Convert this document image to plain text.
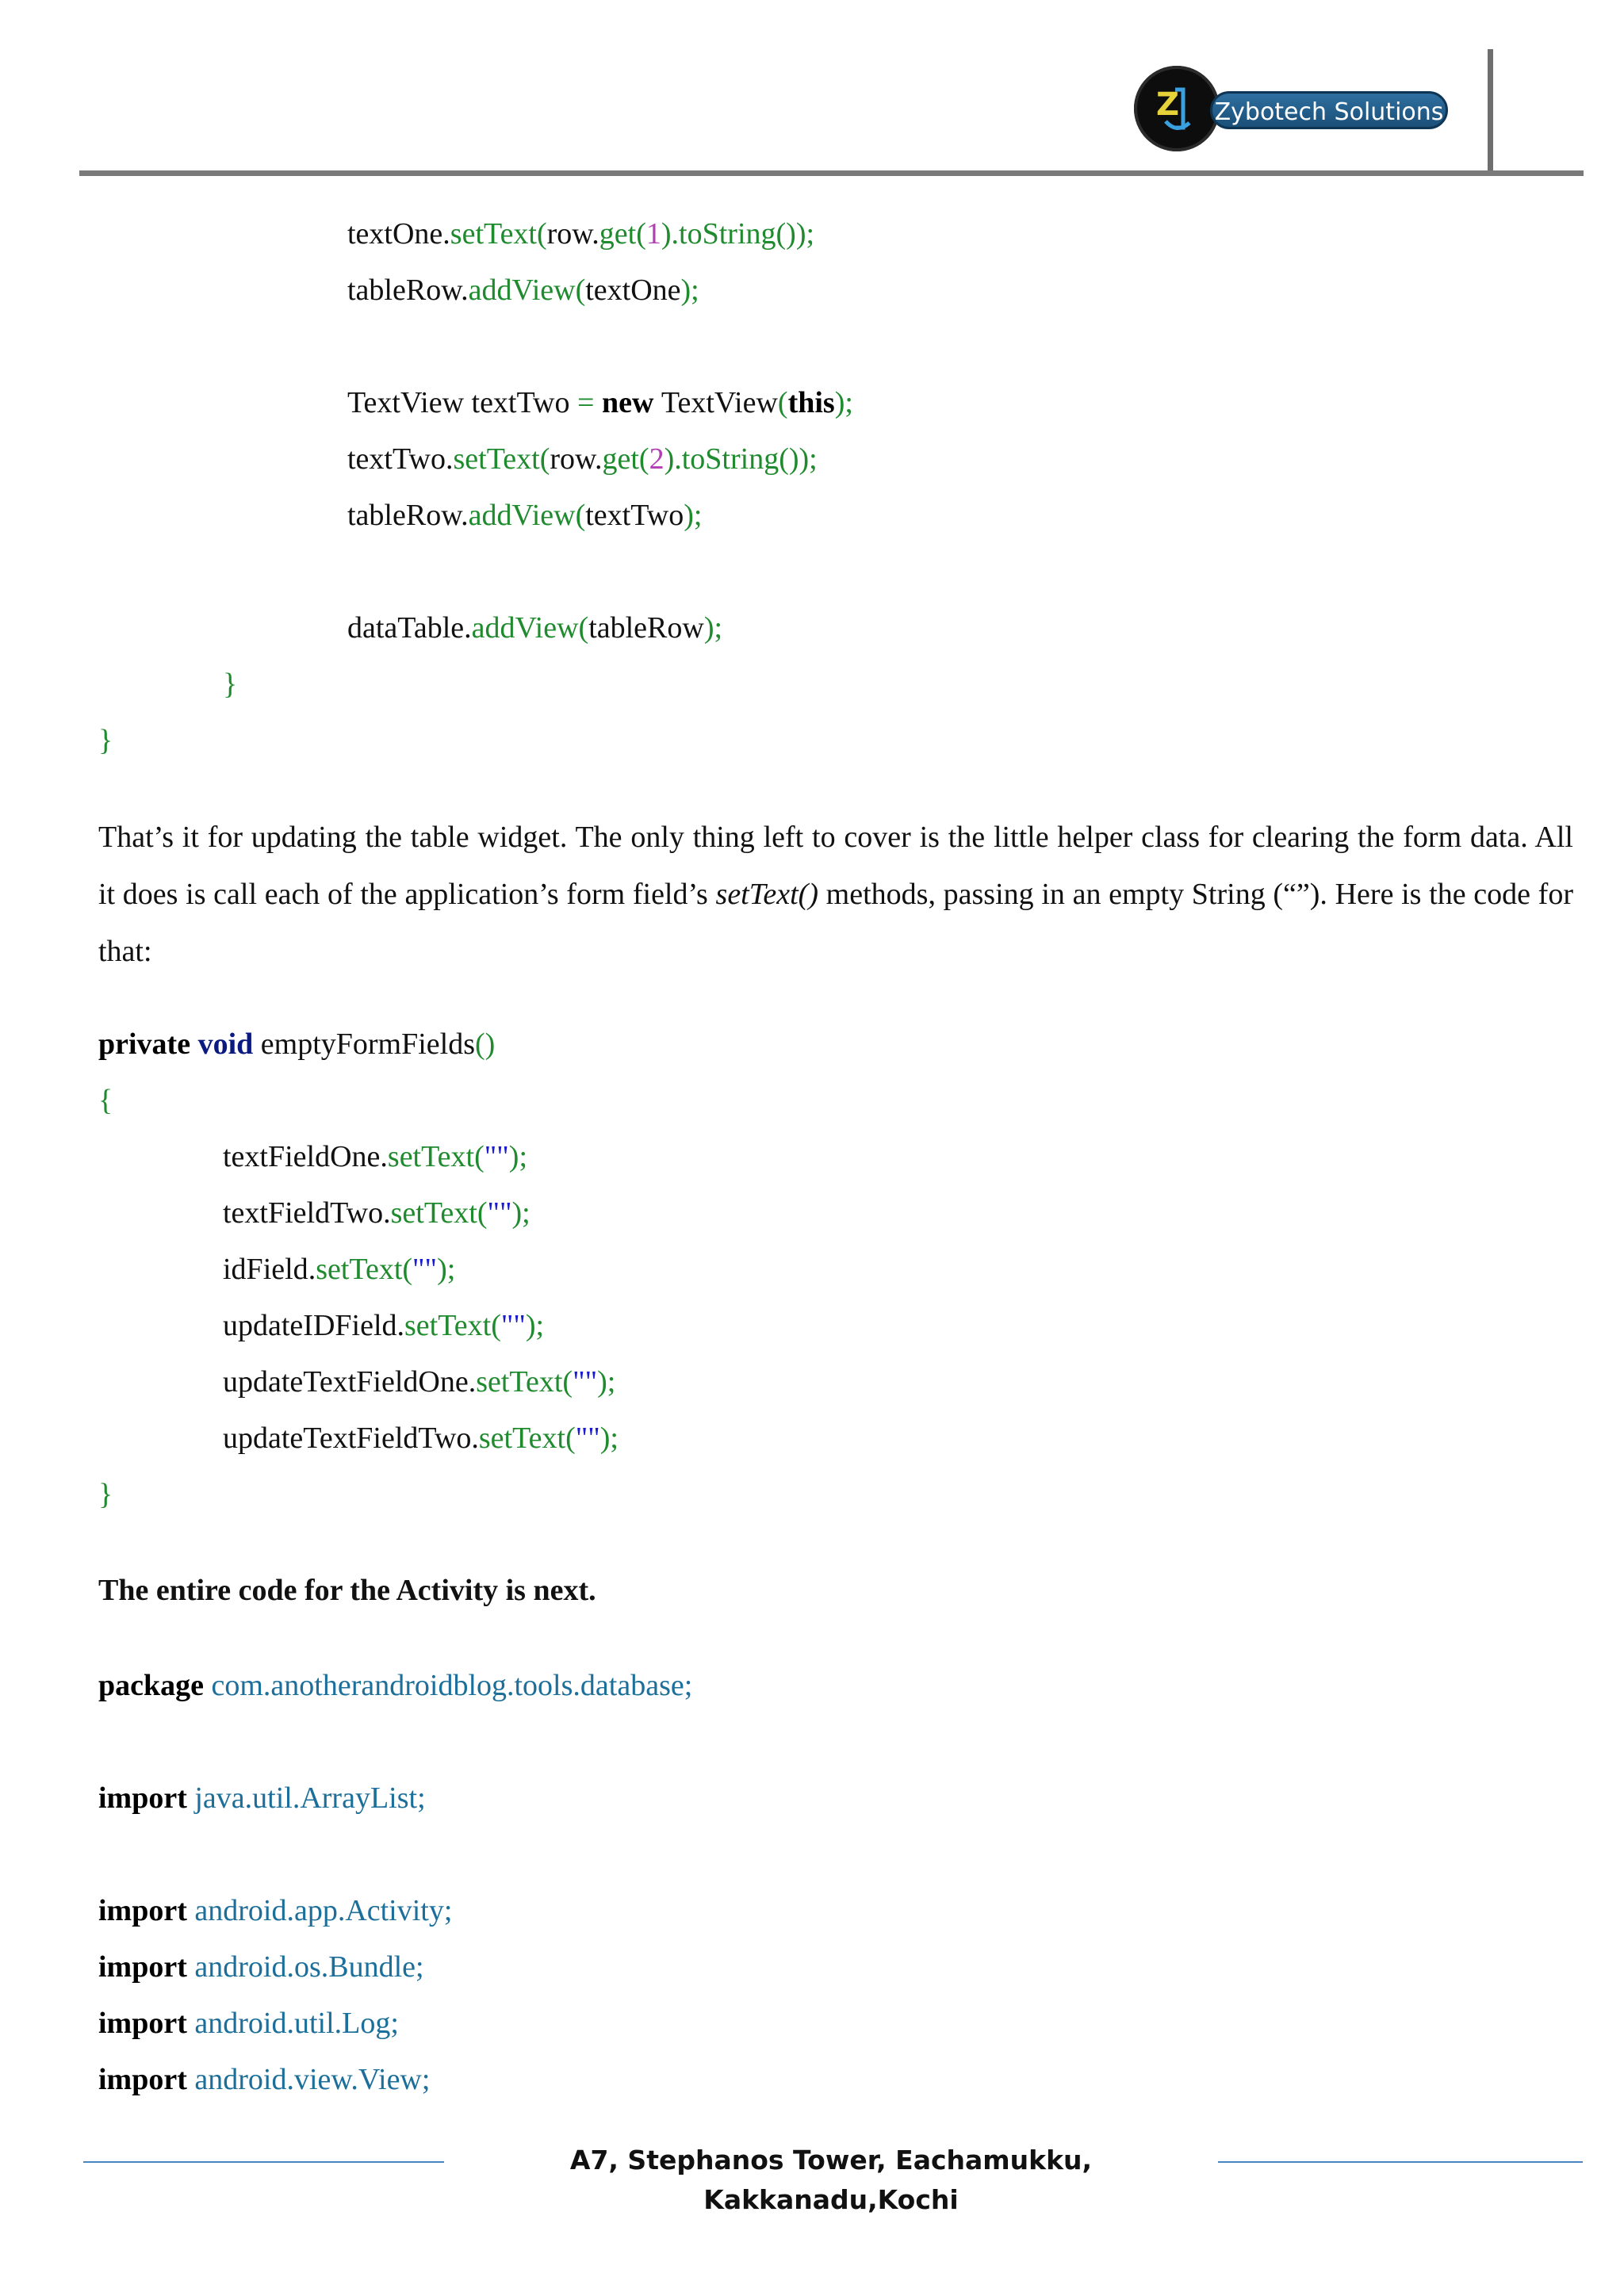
Z Zybotech Solutions
textOne.setText(row.get(1).toString());
tableRow.addView(textOne);
TextView textTwo = new TextView(this);
textTwo.setText(row.get(2).toString());
tableRow.addView(textTwo);
dataTable.addView(tableRow);
}
}
That’s it for updating the table widget. The only thing left to cover is the little helper class for clearing the form data. All it does is call each of the application’s form field’s setText() methods, passing in an empty String (“”). Here is the code for that:
private void emptyFormFields()
{
textFieldOne.setText("");
textFieldTwo.setText("");
idField.setText("");
updateIDField.setText("");
updateTextFieldOne.setText("");
updateTextFieldTwo.setText("");
}
The entire code for the Activity is next.
package com.anotherandroidblog.tools.database;
import java.util.ArrayList;
import android.app.Activity;
import android.os.Bundle;
import android.util.Log;
import android.view.View;
A7, Stephanos Tower, Eachamukku, Kakkanadu,Kochi
